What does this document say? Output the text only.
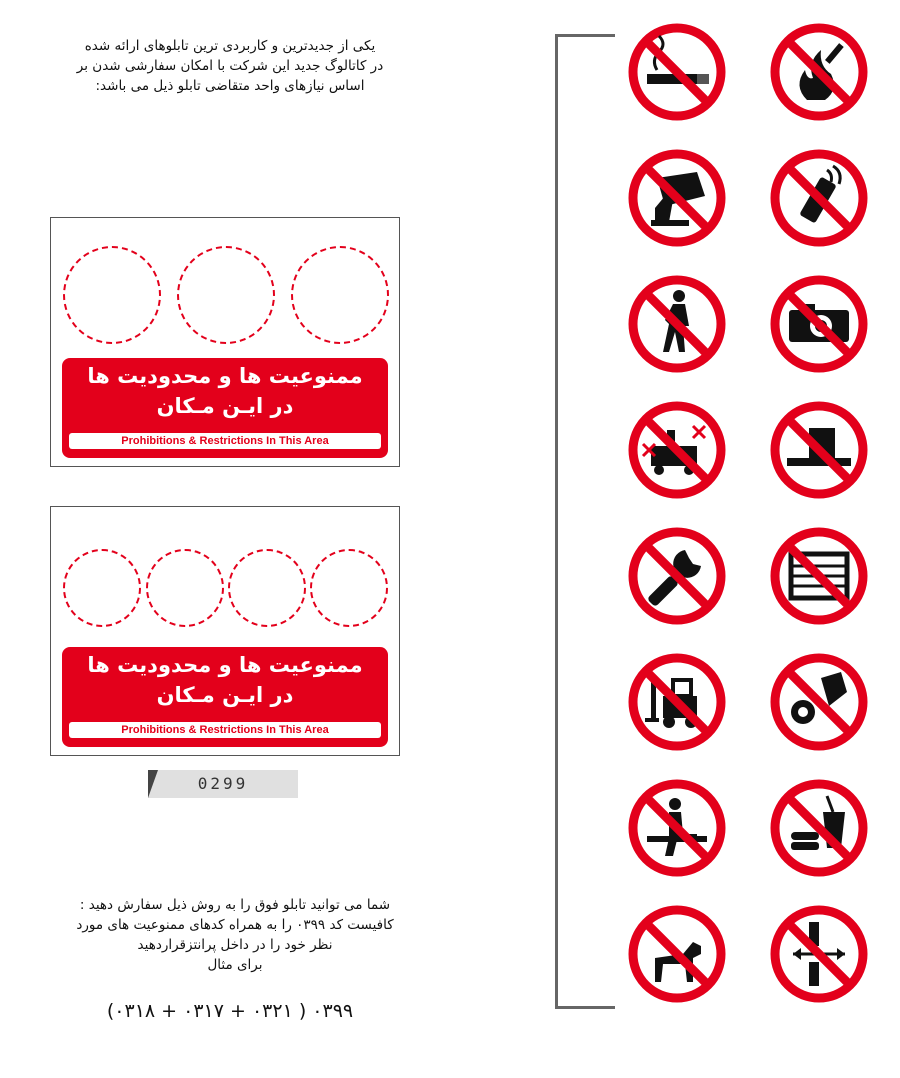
یکی از جدیدترین و کاربردی ترین تابلوهای ارائه شده
در کاتالوگ جدید این شرکت با امکان سفارشی شدن بر
اساس نیازهای واحد متقاضی تابلو ذیل می باشد:
ممنوعیت ها و محدودیت ها
در ایـن مـکان
Prohibitions & Restrictions In This Area
ممنوعیت ها و محدودیت ها
در ایـن مـکان
Prohibitions & Restrictions In This Area
0299
شما می توانید تابلو فوق را به روش ذیل سفارش دهید :
کافیست کد ۰۳۹۹ را به همراه کدهای ممنوعیت های مورد
نظر خود را در داخل پرانتزقراردهید
برای مثال
۰۳۹۹ ( ۰۳۲۱ + ۰۳۱۷ + ۰۳۱۸)
